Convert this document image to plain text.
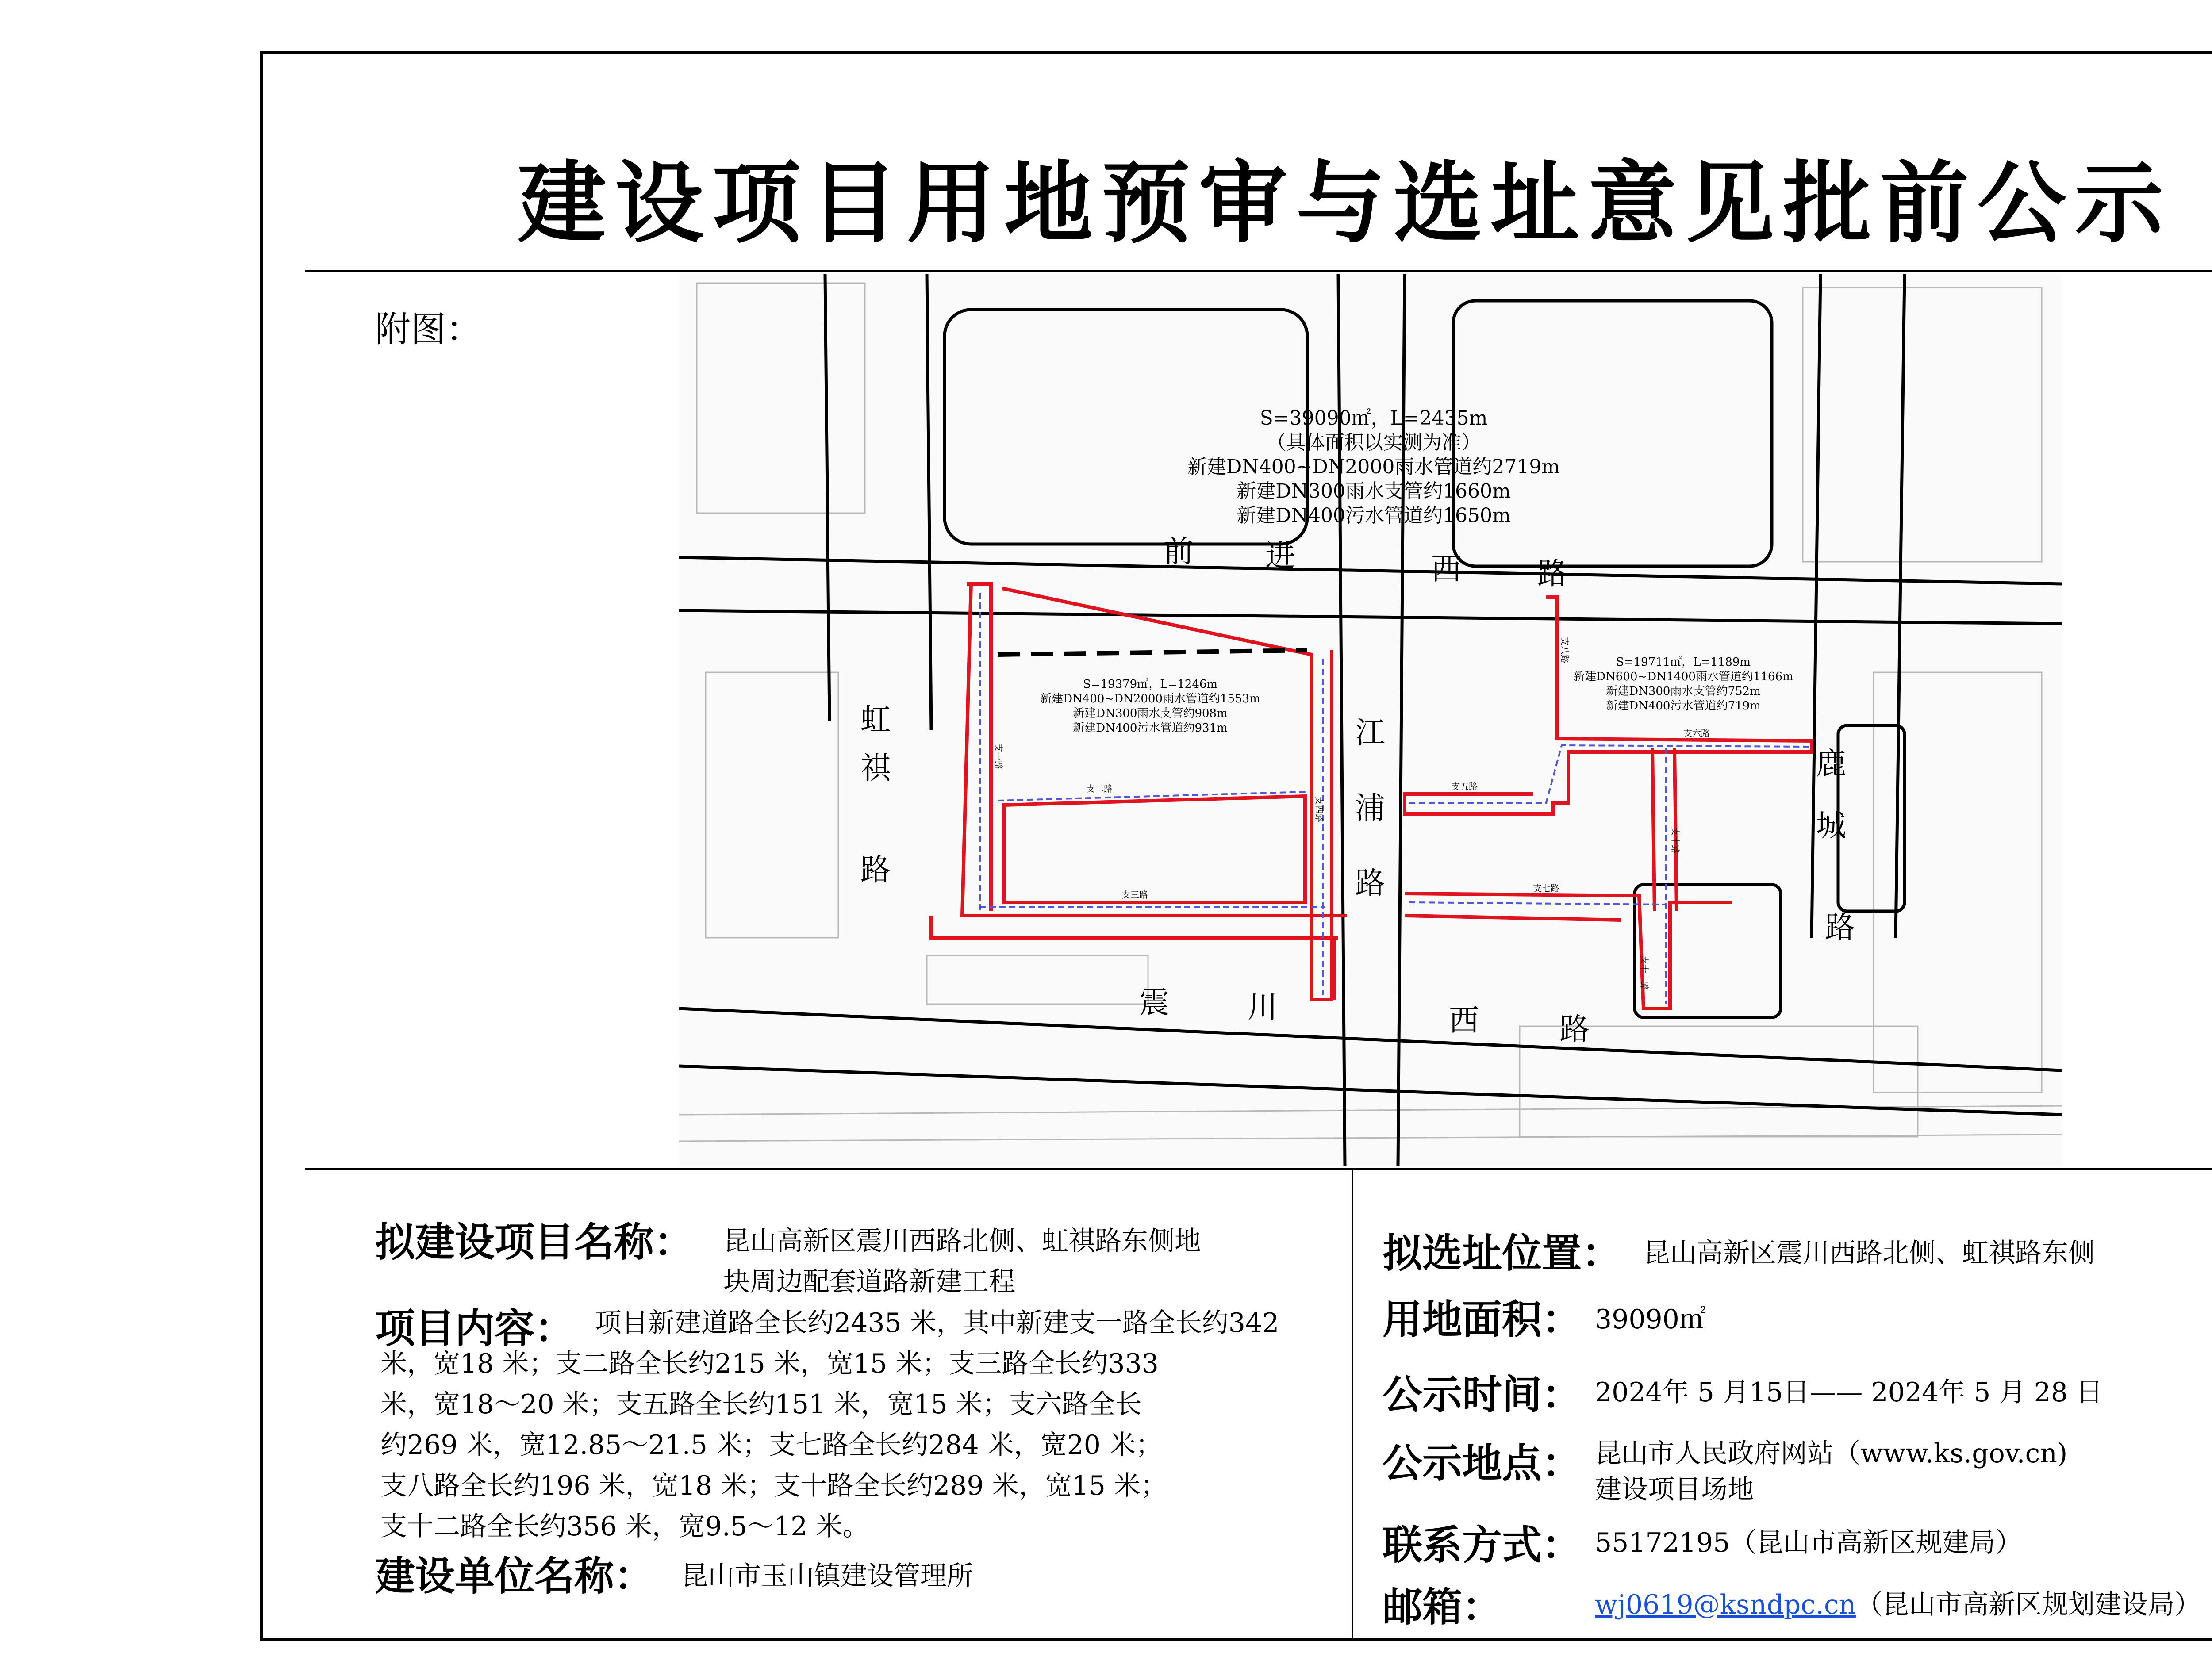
建设项目用地预审与选址意见批前公示
附图：
S=39090㎡，L=2435m
（具体面积以实测为准）
新建DN400~DN2000雨水管道约2719m
新建DN300雨水支管约1660m
新建DN400污水管道约1650m
S=19379㎡，L=1246m
新建DN400~DN2000雨水管道约1553m
新建DN300雨水支管约908m
新建DN400污水管道约931m
S=19711㎡，L=1189m
新建DN600~DN1400雨水管道约1166m
新建DN300雨水支管约752m
新建DN400污水管道约719m
前 进	西	路
虹
祺
路
江
浦
路
鹿
城
路
震	川	西	路
支二路
支三路
支五路
支六路
支七路
支一路
支四路
支八路
支十路
支十二路
拟建设项目名称： 昆山高新区震川西路北侧、虹祺路东侧地
块周边配套道路新建工程
项目内容： 项目新建道路全长约2435 米，其中新建支一路全长约342
米，宽18 米；支二路全长约215 米，宽15 米；支三路全长约333
米，宽18～20 米；支五路全长约151 米，宽15 米；支六路全长
约269 米，宽12.85～21.5 米；支七路全长约284 米，宽20 米；
支八路全长约196 米，宽18 米；支十路全长约289 米，宽15 米；
支十二路全长约356 米，宽9.5～12 米。
建设单位名称： 昆山市玉山镇建设管理所
拟选址位置： 昆山高新区震川西路北侧、虹祺路东侧
用地面积： 39090㎡
公示时间： 2024年 5 月15日—— 2024年 5 月 28 日
公示地点： 昆山市人民政府网站（www.ks.gov.cn)
建设项目场地
联系方式： 55172195（昆山市高新区规建局）
邮箱：	wj0619@ksndpc.cn（昆山市高新区规划建设局）
